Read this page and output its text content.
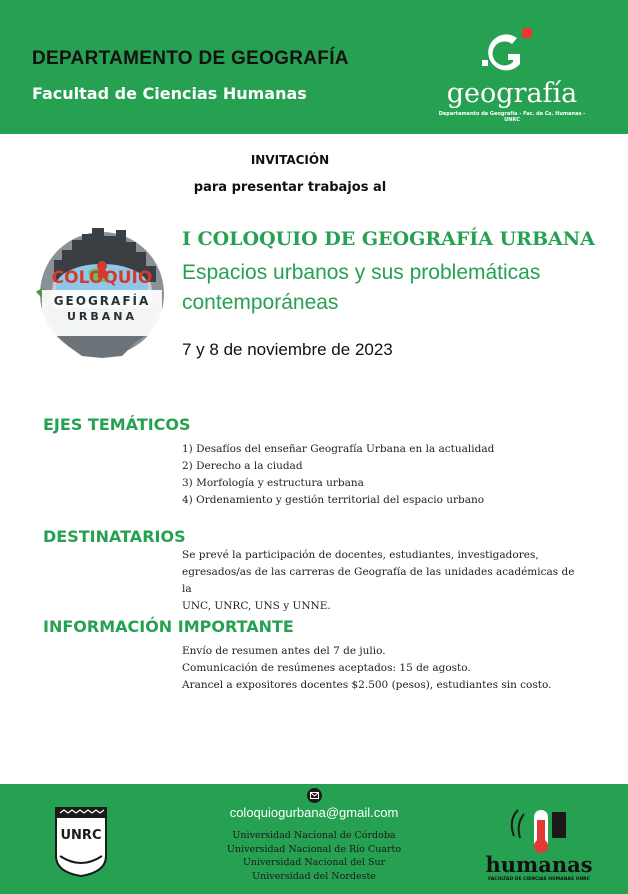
DEPARTAMENTO DE GEOGRAFÍA
Facultad de Ciencias Humanas	geografía
Departamento de Geografía - Fac. de Cs. Humanas - UNRC
INVITACIÓN
para presentar trabajos al
COLOQUIO
GEOGRAFÍA
URBANA
I COLOQUIO DE GEOGRAFÍA URBANA
Espacios urbanos y sus problemáticas contemporáneas
7 y 8 de noviembre de 2023
EJES TEMÁTICOS
1) Desafíos del enseñar Geografía Urbana en la actualidad
2) Derecho a la ciudad
3) Morfología y estructura urbana
4) Ordenamiento y gestión territorial del espacio urbano
DESTINATARIOS
Se prevé la participación de docentes, estudiantes, investigadores,
egresados/as de las carreras de Geografía de las unidades académicas de la
UNC, UNRC, UNS y UNNE.
INFORMACIÓN IMPORTANTE
Envío de resumen antes del 7 de julio.
Comunicación de resúmenes aceptados: 15 de agosto.
Arancel a expositores docentes $2.500 (pesos), estudiantes sin costo.
UNRC
coloquiogurbana@gmail.com
Universidad Nacional de Córdoba
Universidad Nacional de Río Cuarto
Universidad Nacional del Sur
Universidad del Nordeste	humanas
FACULTAD DE CIENCIAS HUMANAS UNRC
